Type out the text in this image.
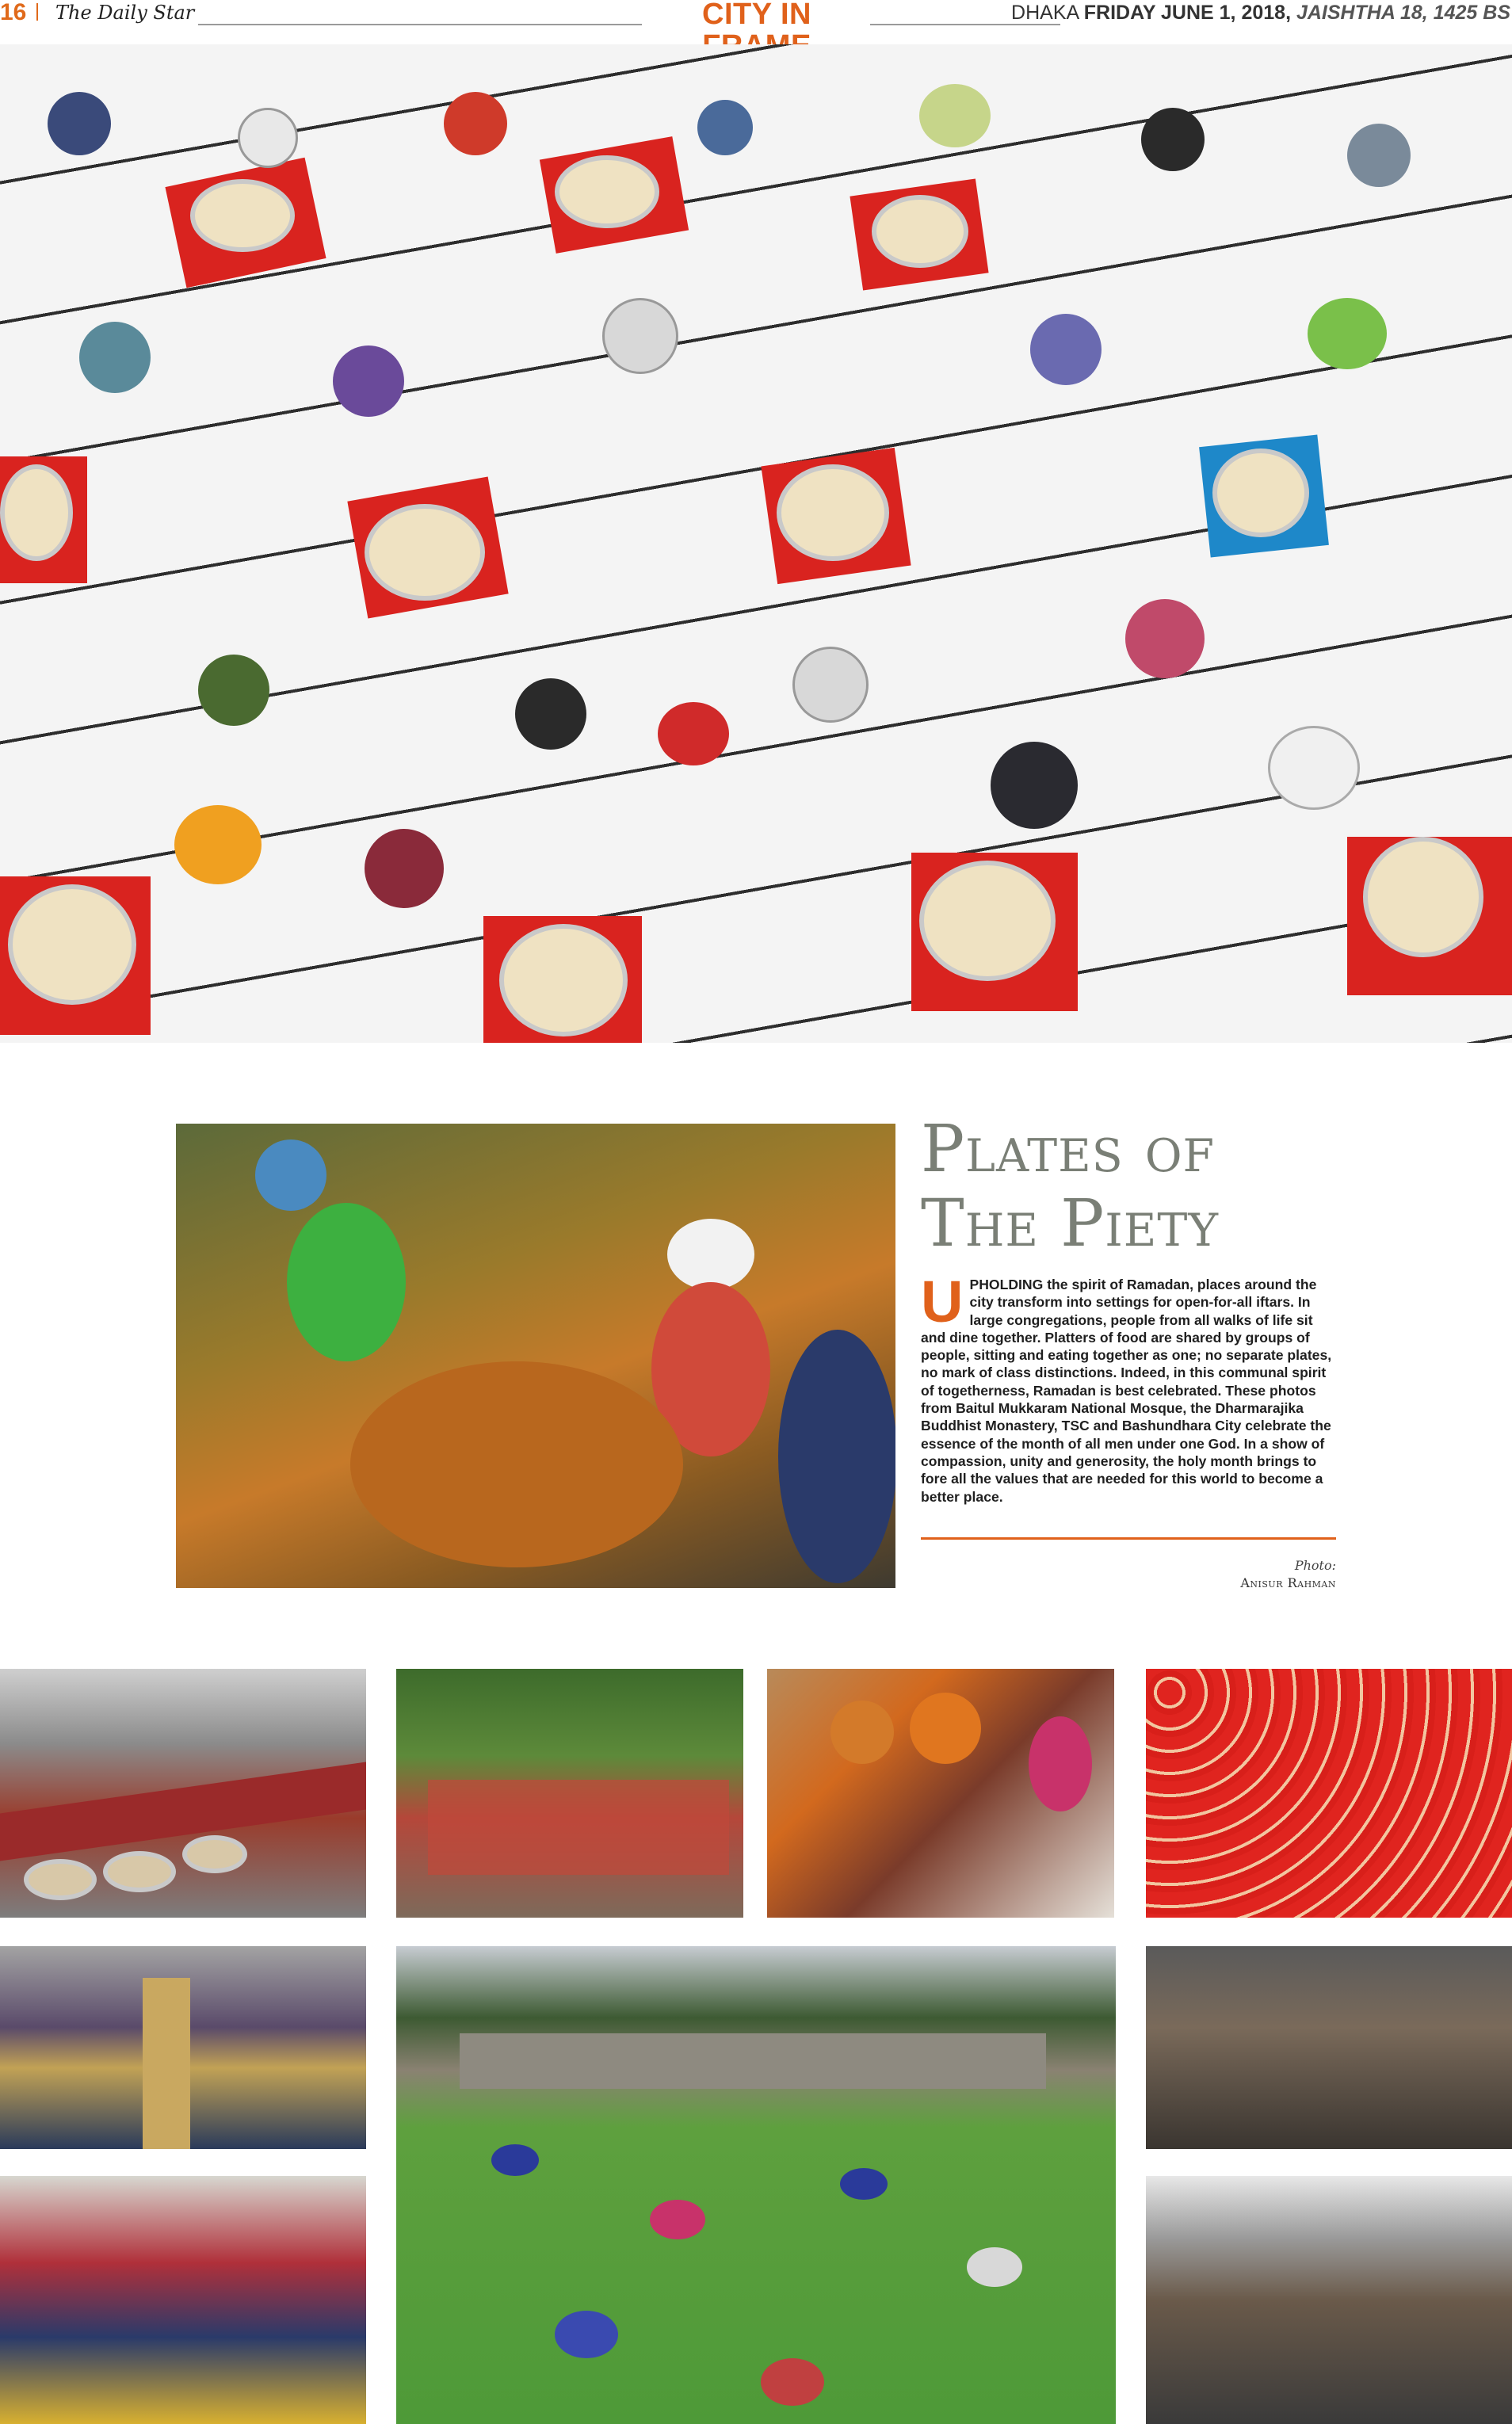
16 The Daily Star	CITY IN	DHAKA FRIDAY JUNE 1, 2018, JAISHTHA 18, 1425 BS
Plates of
The Piety
UPHOLDING the spirit of Ramadan, places around the city transform into settings for open-for-all iftars. In large congregations, people from all walks of life sit and dine together. Platters of food are shared by groups of people, sitting and eating together as one; no separate plates, no mark of class distinctions. Indeed, in this communal spirit of togetherness, Ramadan is best celebrated. These photos from Baitul Mukkaram National Mosque, the Dharmarajika Buddhist Monastery, TSC and Bashundhara City celebrate the essence of the month of all men under one God. In a show of compassion, unity and generosity, the holy month brings to fore all the values that are needed for this world to become a better place.
Photo:
Anisur Rahman
